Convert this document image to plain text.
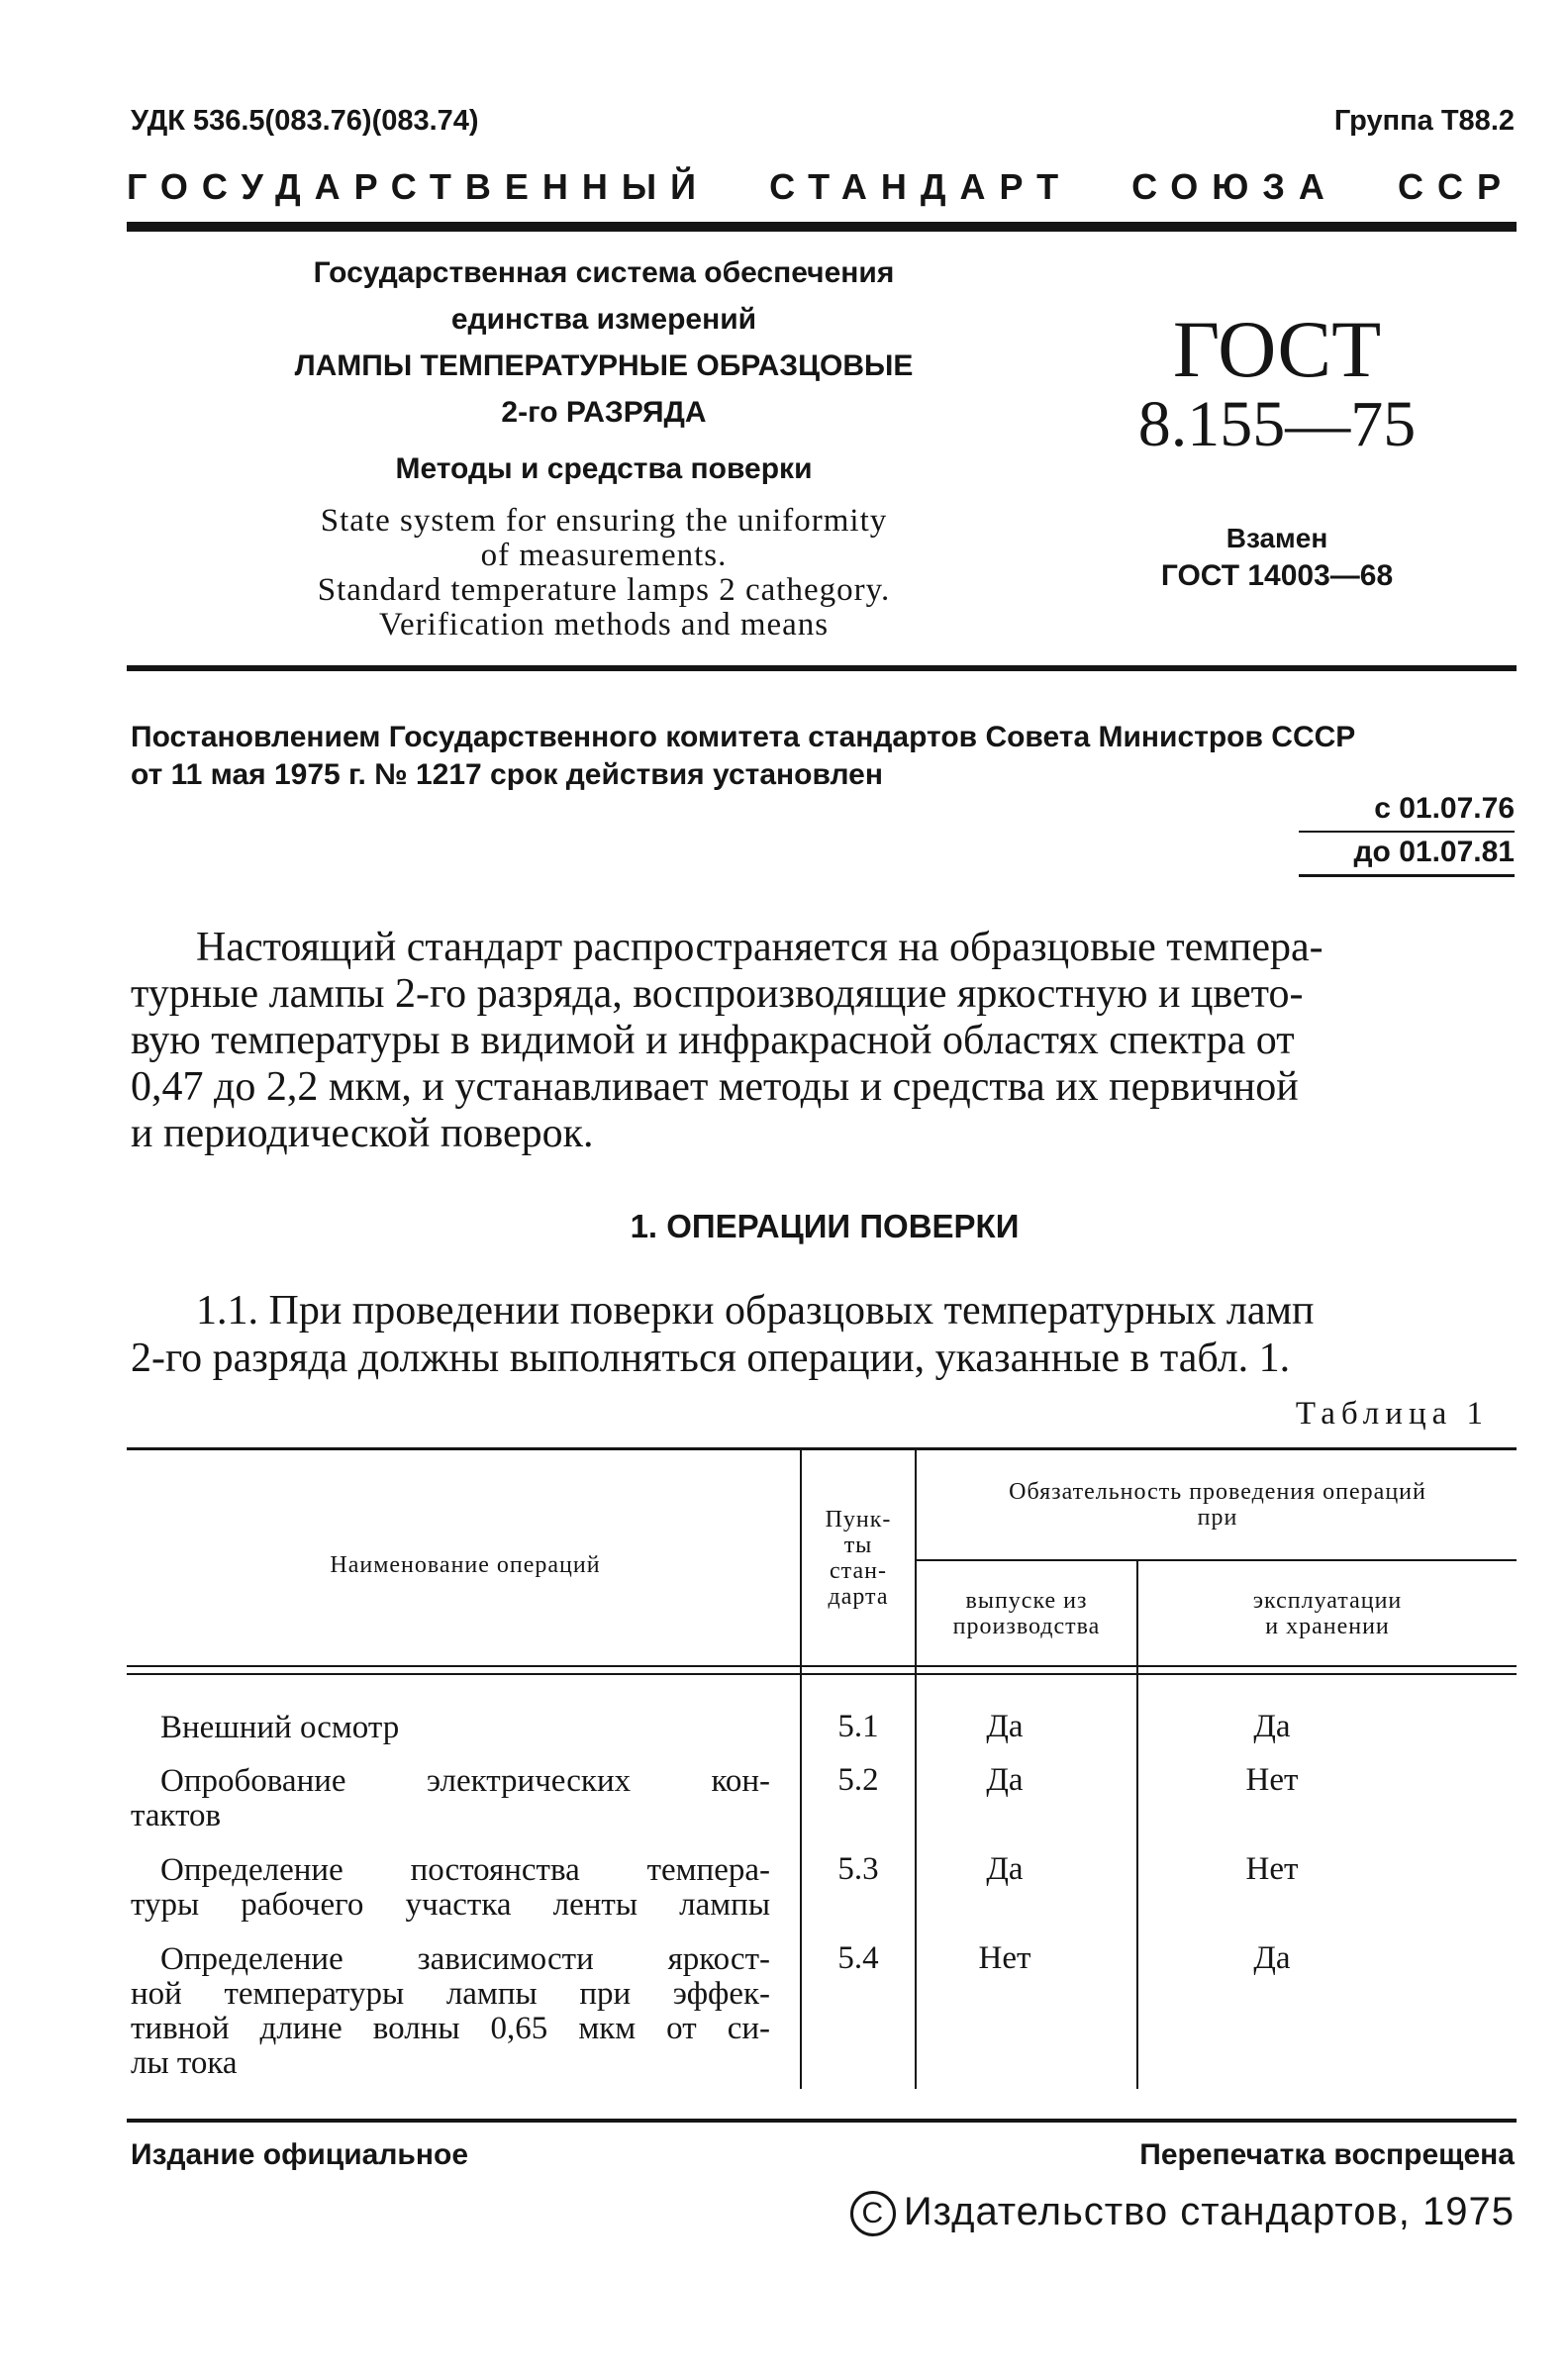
УДК 536.5(083.76)(083.74)	Группа Т88.2
ГОСУДАРСТВЕННЫЙ СТАНДАРТ СОЮЗА ССР
Государственная система обеспечения
единства измерений
ЛАМПЫ ТЕМПЕРАТУРНЫЕ ОБРАЗЦОВЫЕ
2-го РАЗРЯДА
Методы и средства поверки
State system for ensuring the uniformity
of measurements.
Standard temperature lamps 2 cathegory.
Verification methods and means
ГОСТ
8.155—75
Взамен
ГОСТ 14003—68
Постановлением Государственного комитета стандартов Совета Министров СССР
от 11 мая 1975 г. № 1217 срок действия установлен
с 01.07.76
до 01.07.81
Настоящий стандарт распространяется на образцовые темпера-
турные лампы 2-го разряда, воспроизводящие яркостную и цвето-
вую температуры в видимой и инфракрасной областях спектра от
0,47 до 2,2 мкм, и устанавливает методы и средства их первичной
и периодической поверок.
1. ОПЕРАЦИИ ПОВЕРКИ
1.1. При проведении поверки образцовых температурных ламп
2-го разряда должны выполняться операции, указанные в табл. 1.
Таблица 1
Наименование операций
Пунк-
ты
стан-
дарта
Обязательность проведения операций
при
выпуске из
производства
эксплуатации
и хранении
Внешний осмотр	5.1	Да	Да
Опробование электрических кон-
тактов
5.2	Да	Нет
Определение постоянства темпера-
туры рабочего участка ленты лампы
5.3	Да	Нет
Определение зависимости яркост-
ной температуры лампы при эффек-
тивной длине волны 0,65 мкм от си-
лы тока
5.4	Нет	Да
Издание официальное	Перепечатка воспрещена
C Издательство стандартов, 1975
